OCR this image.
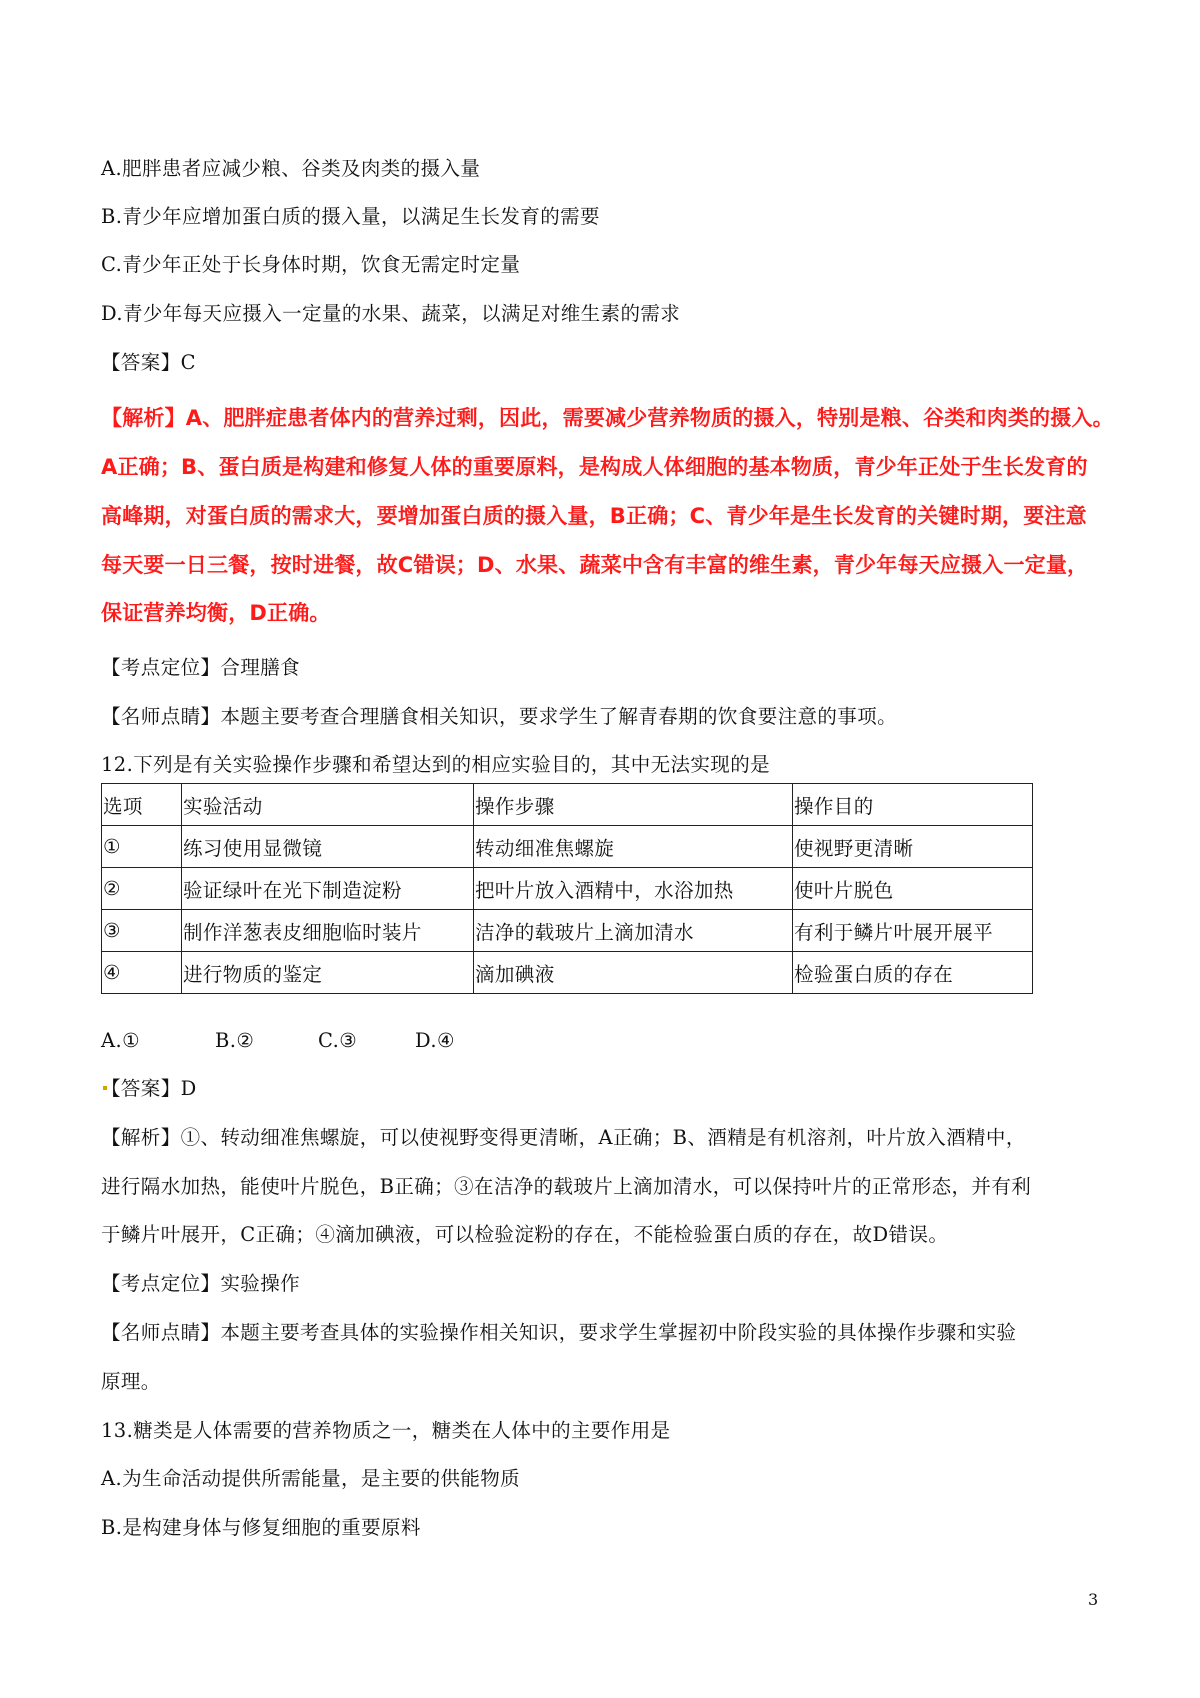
A.肥胖患者应减少粮、谷类及肉类的摄入量
B.青少年应增加蛋白质的摄入量，以满足生长发育的需要
C.青少年正处于长身体时期，饮食无需定时定量
D.青少年每天应摄入一定量的水果、蔬菜，以满足对维生素的需求
【答案】C
【解析】A、肥胖症患者体内的营养过剩，因此，需要减少营养物质的摄入，特别是粮、谷类和肉类的摄入。
A正确；B、蛋白质是构建和修复人体的重要原料，是构成人体细胞的基本物质，青少年正处于生长发育的
高峰期，对蛋白质的需求大，要增加蛋白质的摄入量，B正确；C、青少年是生长发育的关键时期，要注意
每天要一日三餐，按时进餐，故C错误；D、水果、蔬菜中含有丰富的维生素，青少年每天应摄入一定量，
保证营养均衡，D正确。
【考点定位】合理膳食
【名师点睛】本题主要考查合理膳食相关知识，要求学生了解青春期的饮食要注意的事项。
12.下列是有关实验操作步骤和希望达到的相应实验目的，其中无法实现的是
选项	实验活动	操作步骤	操作目的
①	练习使用显微镜	转动细准焦螺旋	使视野更清晰
②	验证绿叶在光下制造淀粉	把叶片放入酒精中，水浴加热	使叶片脱色
③	制作洋葱表皮细胞临时装片	洁净的载玻片上滴加清水	有利于鳞片叶展开展平
④	进行物质的鉴定	滴加碘液	检验蛋白质的存在
A.①	B.②	C.③	D.④
【答案】D
【解析】①、转动细准焦螺旋，可以使视野变得更清晰，A正确；B、酒精是有机溶剂，叶片放入酒精中，
进行隔水加热，能使叶片脱色，B正确；③在洁净的载玻片上滴加清水，可以保持叶片的正常形态，并有利
于鳞片叶展开，C正确；④滴加碘液，可以检验淀粉的存在，不能检验蛋白质的存在，故D错误。
【考点定位】实验操作
【名师点睛】本题主要考查具体的实验操作相关知识，要求学生掌握初中阶段实验的具体操作步骤和实验
原理。
13.糖类是人体需要的营养物质之一，糖类在人体中的主要作用是
A.为生命活动提供所需能量，是主要的供能物质
B.是构建身体与修复细胞的重要原料
3
